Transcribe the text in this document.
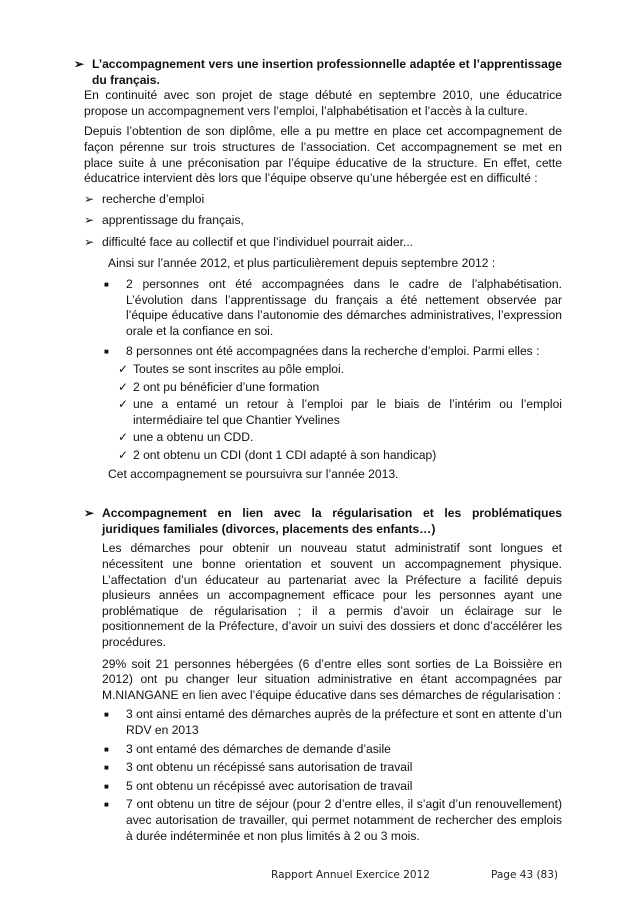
➢ L’accompagnement vers une insertion professionnelle adaptée et l’apprentissage du français.

En continuité avec son projet de stage débuté en septembre 2010, une éducatrice propose un accompagnement vers l’emploi, l’alphabétisation et l’accès à la culture.

Depuis l’obtention de son diplôme, elle a pu mettre en place cet accompagnement de façon pérenne sur trois structures de l’association. Cet accompagnement se met en place suite à une préconisation par l’équipe éducative de la structure. En effet, cette éducatrice intervient dès lors que l’équipe observe qu’une hébergée est en difficulté :

➢ recherche d’emploi
➢ apprentissage du français,
➢ difficulté face au collectif et que l’individuel pourrait aider...

Ainsi sur l’année 2012, et plus particulièrement depuis septembre 2012 :

■	2 personnes ont été accompagnées dans le cadre de l’alphabétisation. L’évolution dans l’apprentissage du français a été nettement observée par l’équipe éducative dans l’autonomie des démarches administratives, l’expression orale et la confiance en soi.
■	8 personnes ont été accompagnées dans la recherche d’emploi. Parmi elles :
✓ Toutes se sont inscrites au pôle emploi.
✓ 2 ont pu bénéficier d’une formation
✓ une a entamé un retour à l’emploi par le biais de l’intérim ou l’emploi intermédiaire tel que Chantier Yvelines
✓ une a obtenu un CDD.
✓ 2 ont obtenu un CDI (dont 1 CDI adapté à son handicap)

Cet accompagnement se poursuivra sur l’année 2013.

➢ Accompagnement en lien avec la régularisation et les problématiques juridiques familiales (divorces, placements des enfants…)

Les démarches pour obtenir un nouveau statut administratif sont longues et nécessitent une bonne orientation et souvent un accompagnement physique. L’affectation d’un éducateur au partenariat avec la Préfecture a facilité depuis plusieurs années un accompagnement efficace pour les personnes ayant une problématique de régularisation ; il a permis d’avoir un éclairage sur le positionnement de la Préfecture, d’avoir un suivi des dossiers et donc d’accélérer les procédures.

29% soit 21 personnes hébergées (6 d’entre elles sont sorties de La Boissière en 2012) ont pu changer leur situation administrative en étant accompagnées par M.NIANGANE en lien avec l’équipe éducative dans ses démarches de régularisation :

■	3 ont ainsi entamé des démarches auprès de la préfecture et sont en attente d’un RDV en 2013
■	3 ont entamé des démarches de demande d’asile
■	3 ont obtenu un récépissé sans autorisation de travail
■	5 ont obtenu un récépissé avec autorisation de travail
■	7 ont obtenu un titre de séjour (pour 2 d’entre elles, il s’agit d’un renouvellement) avec autorisation de travailler, qui permet notamment de rechercher des emplois à durée indéterminée et non plus limités à 2 ou 3 mois.
Rapport Annuel Exercice 2012	Page 43 (83)
